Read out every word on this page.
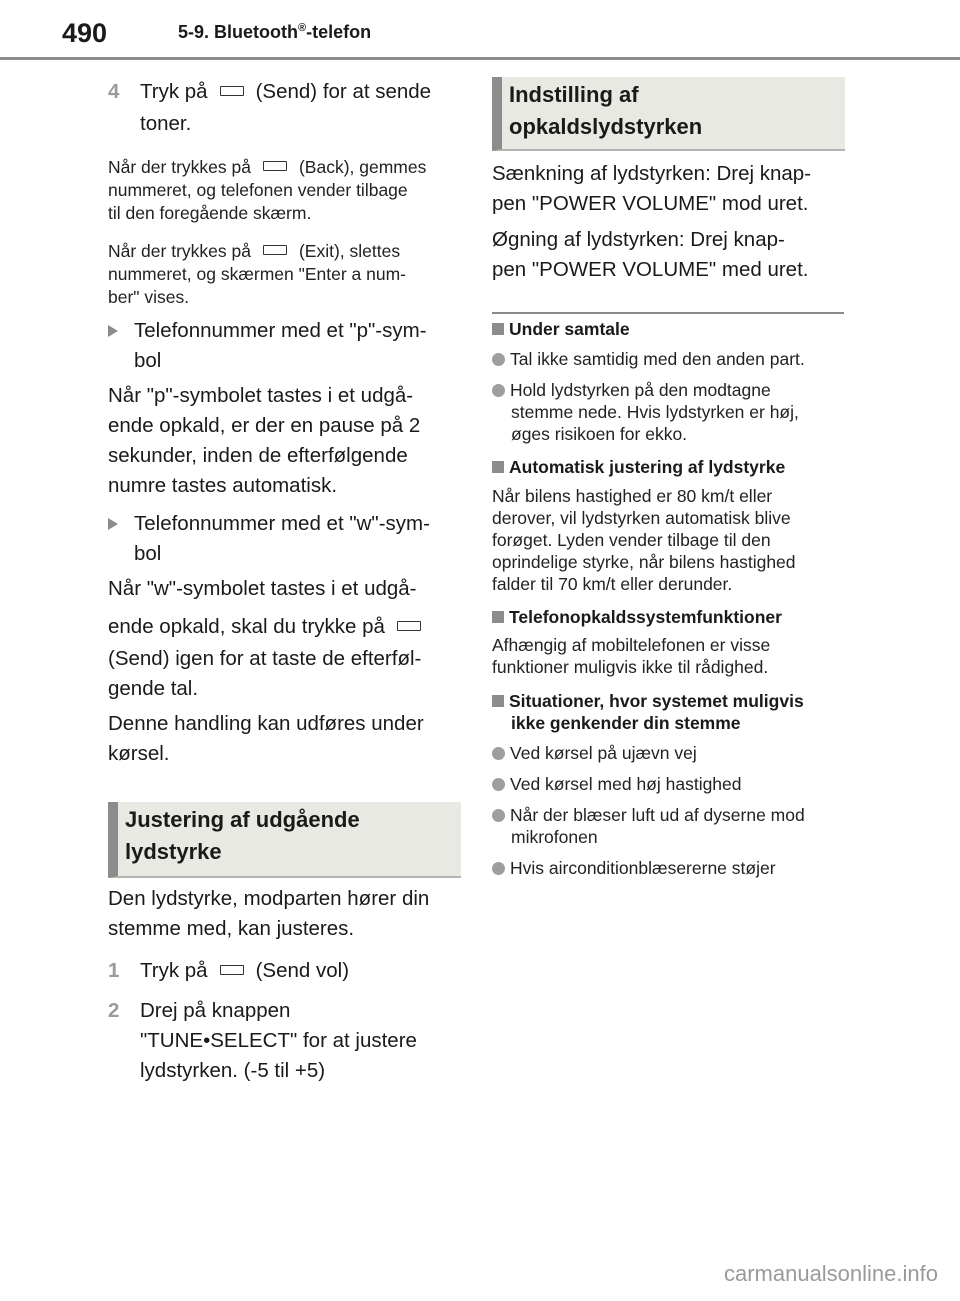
490	5-9. Bluetooth®-telefon
4 Tryk på (Send) for at sende
toner.
Når der trykkes på	(Back), gemmes
nummeret, og telefonen vender tilbage
til den foregående skærm.
Når der trykkes på	(Exit), slettes
nummeret, og skærmen "Enter a num-
ber" vises.
Telefonnummer med et "p"-sym-
bol
Når "p"-symbolet tastes i et udgå-
ende opkald, er der en pause på 2
sekunder, inden de efterfølgende
numre tastes automatisk.
Telefonnummer med et "w"-sym-
bol
Når "w"-symbolet tastes i et udgå-
ende opkald, skal du trykke på
(Send) igen for at taste de efterføl-
gende tal.
Denne handling kan udføres under
kørsel.
Justering af udgående
lydstyrke
Den lydstyrke, modparten hører din
stemme med, kan justeres.
1 Tryk på (Send vol)
2 Drej på knappen
"TUNE•SELECT" for at justere
lydstyrken. (-5 til +5)
Indstilling af
opkaldslydstyrken
Sænkning af lydstyrken: Drej knap-
pen "POWER VOLUME" mod uret.
Øgning af lydstyrken: Drej knap-
pen "POWER VOLUME" med uret.
Under samtale
Tal ikke samtidig med den anden part.
Hold lydstyrken på den modtagne
stemme nede. Hvis lydstyrken er høj,
øges risikoen for ekko.
Automatisk justering af lydstyrke
Når bilens hastighed er 80 km/t eller
derover, vil lydstyrken automatisk blive
forøget. Lyden vender tilbage til den
oprindelige styrke, når bilens hastighed
falder til 70 km/t eller derunder.
Telefonopkaldssystemfunktioner
Afhængig af mobiltelefonen er visse
funktioner muligvis ikke til rådighed.
Situationer, hvor systemet muligvis
ikke genkender din stemme
Ved kørsel på ujævn vej
Ved kørsel med høj hastighed
Når der blæser luft ud af dyserne mod
mikrofonen
Hvis airconditionblæsererne støjer
carmanualsonline.info
